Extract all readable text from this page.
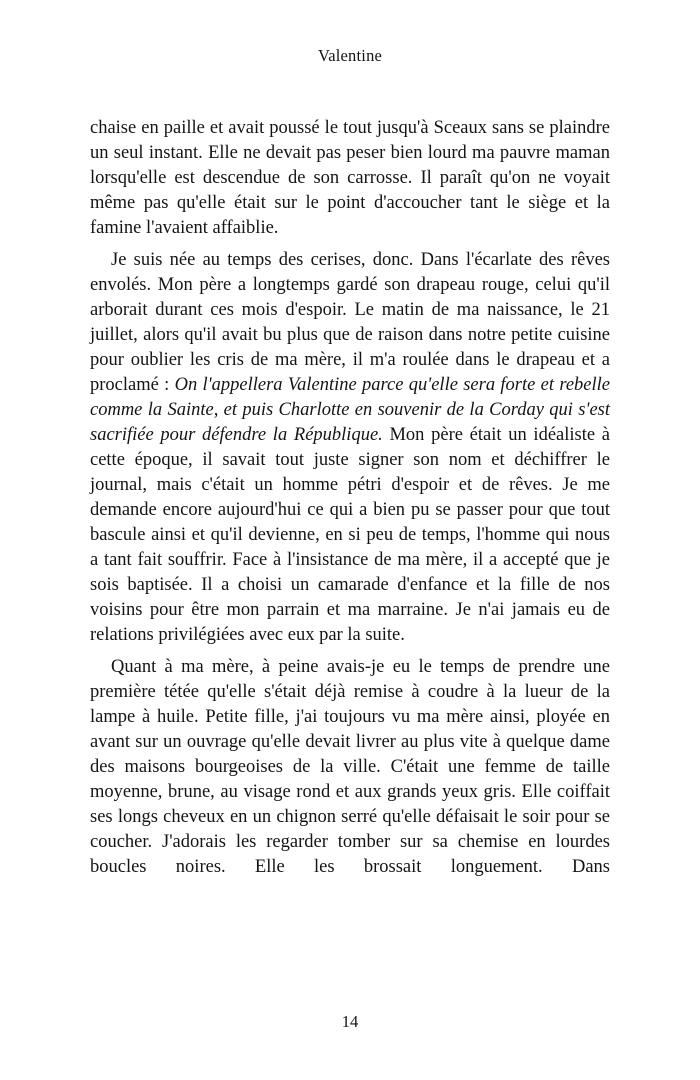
Valentine

chaise en paille et avait poussé le tout jusqu'à Sceaux sans se plaindre un seul instant. Elle ne devait pas peser bien lourd ma pauvre maman lorsqu'elle est descendue de son carrosse. Il paraît qu'on ne voyait même pas qu'elle était sur le point d'accoucher tant le siège et la famine l'avaient affaiblie.

Je suis née au temps des cerises, donc. Dans l'écarlate des rêves envolés. Mon père a longtemps gardé son drapeau rouge, celui qu'il arborait durant ces mois d'espoir. Le matin de ma naissance, le 21 juillet, alors qu'il avait bu plus que de raison dans notre petite cuisine pour oublier les cris de ma mère, il m'a roulée dans le drapeau et a proclamé : On l'appellera Valentine parce qu'elle sera forte et rebelle comme la Sainte, et puis Charlotte en souvenir de la Corday qui s'est sacrifiée pour défendre la République. Mon père était un idéaliste à cette époque, il savait tout juste signer son nom et déchiffrer le journal, mais c'était un homme pétri d'espoir et de rêves. Je me demande encore aujourd'hui ce qui a bien pu se passer pour que tout bascule ainsi et qu'il devienne, en si peu de temps, l'homme qui nous a tant fait souffrir. Face à l'insistance de ma mère, il a accepté que je sois baptisée. Il a choisi un camarade d'enfance et la fille de nos voisins pour être mon parrain et ma marraine. Je n'ai jamais eu de relations privilégiées avec eux par la suite.

Quant à ma mère, à peine avais-je eu le temps de prendre une première tétée qu'elle s'était déjà remise à coudre à la lueur de la lampe à huile. Petite fille, j'ai toujours vu ma mère ainsi, ployée en avant sur un ouvrage qu'elle devait livrer au plus vite à quelque dame des maisons bourgeoises de la ville. C'était une femme de taille moyenne, brune, au visage rond et aux grands yeux gris. Elle coiffait ses longs cheveux en un chignon serré qu'elle défaisait le soir pour se coucher. J'adorais les regarder tomber sur sa chemise en lourdes boucles noires. Elle les brossait longuement. Dans

14
